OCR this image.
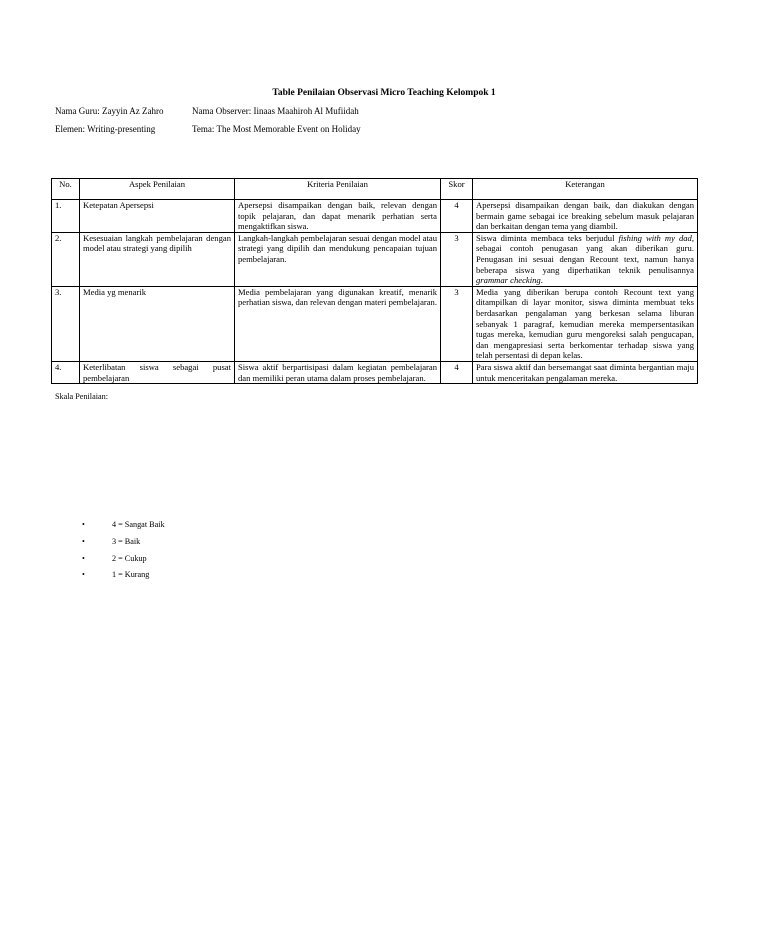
Table Penilaian Observasi Micro Teaching Kelompok 1
Nama Guru: Zayyin Az Zahro	Nama Observer: Iinaas Maahiroh Al Mufiidah
Elemen: Writing-presenting	Tema: The Most Memorable Event on Holiday
No.	Aspek Penilaian	Kriteria Penilaian	Skor	Keterangan
1.	Ketepatan Apersepsi	Apersepsi disampaikan dengan baik, relevan dengan topik pelajaran, dan dapat menarik perhatian serta mengaktifkan siswa.	4	Apersepsi disampaikan dengan baik, dan diakukan dengan bermain game sebagai ice breaking sebelum masuk pelajaran dan berkaitan dengan tema yang diambil.
2.	Kesesuaian langkah pembelajaran dengan model atau strategi yang dipilih	Langkah-langkah pembelajaran sesuai dengan model atau strategi yang dipilih dan mendukung pencapaian tujuan pembelajaran.	3	Siswa diminta membaca teks berjudul fishing with my dad, sebagai contoh penugasan yang akan diberikan guru. Penugasan ini sesuai dengan Recount text, namun hanya beberapa siswa yang diperhatikan teknik penulisannya grammar checking.
3.	Media yg menarik	Media pembelajaran yang digunakan kreatif, menarik perhatian siswa, dan relevan dengan materi pembelajaran.	3	Media yang diberikan berupa contoh Recount text yang ditampilkan di layar monitor, siswa diminta membuat teks berdasarkan pengalaman yang berkesan selama liburan sebanyak 1 paragraf, kemudian mereka mempersentasikan tugas mereka, kemudian guru mengoreksi salah pengucapan, dan mengapresiasi serta berkomentar terhadap siswa yang telah persentasi di depan kelas.
4.	Keterlibatan siswa sebagai pusat pembelajaran	Siswa aktif berpartisipasi dalam kegiatan pembelajaran dan memiliki peran utama dalam proses pembelajaran.	4	Para siswa aktif dan bersemangat saat diminta bergantian maju untuk menceritakan pengalaman mereka.
Skala Penilaian:
•	4 = Sangat Baik
•	3 = Baik
•	2 = Cukup
•	1 = Kurang
